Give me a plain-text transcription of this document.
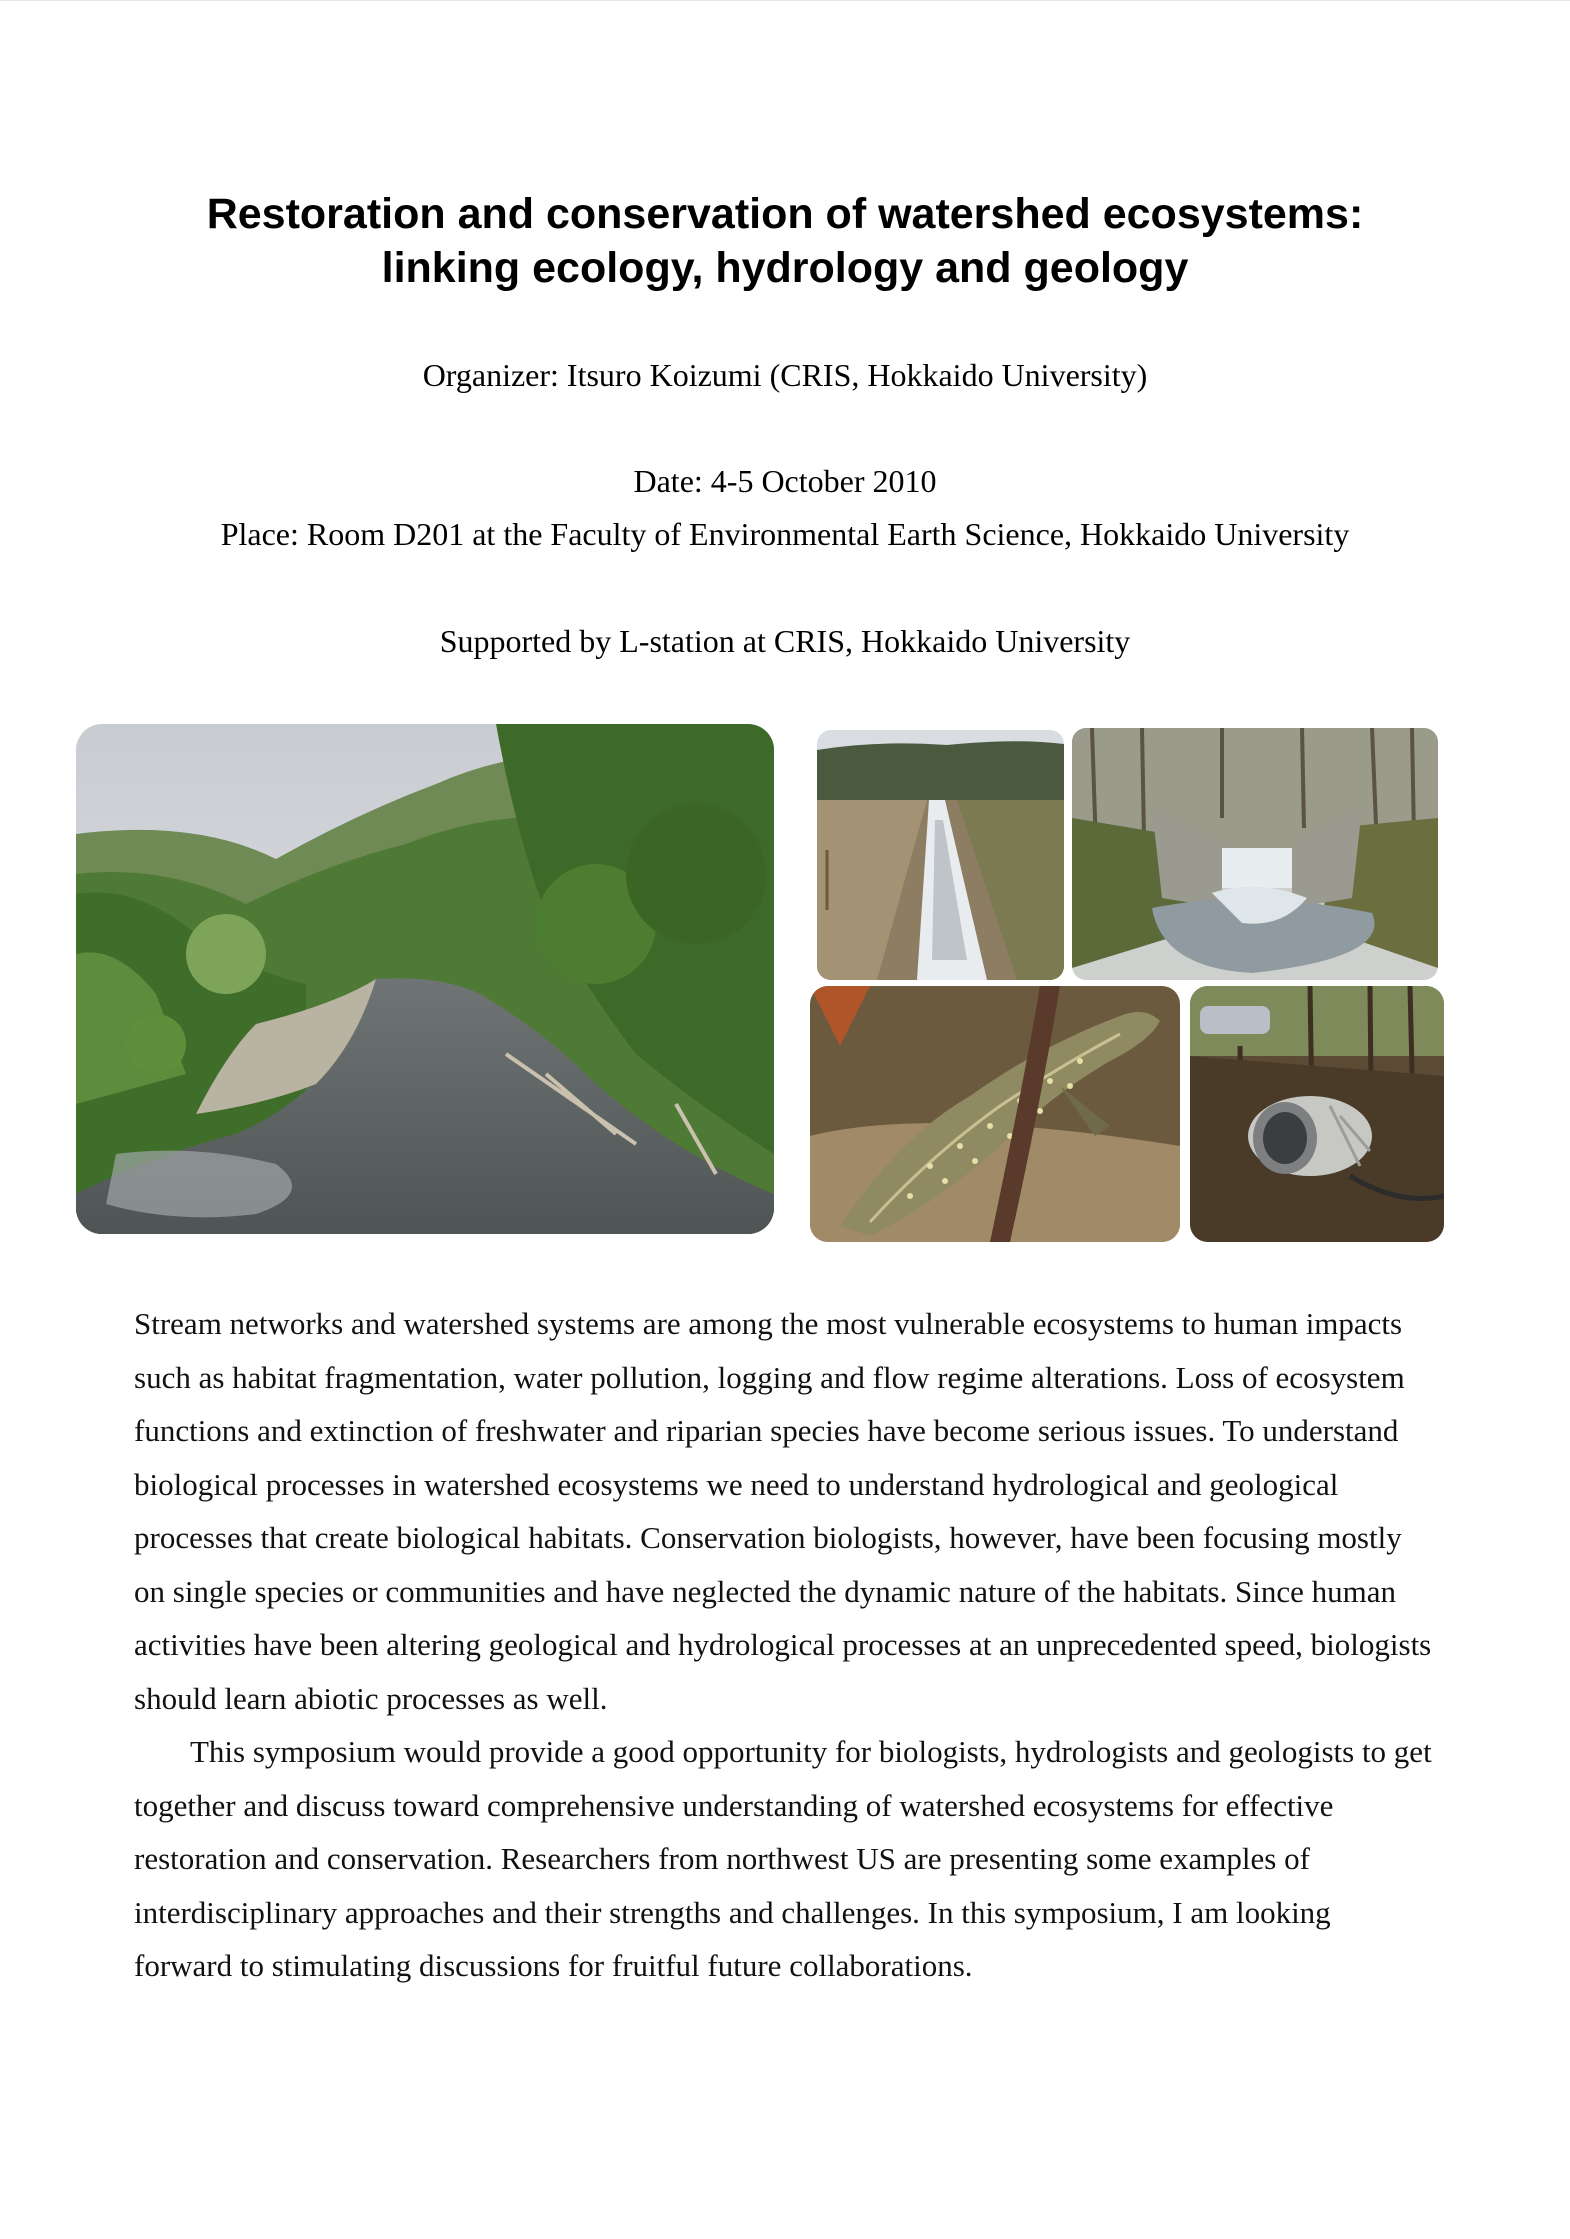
Restoration and conservation of watershed ecosystems:
linking ecology, hydrology and geology
Organizer: Itsuro Koizumi (CRIS, Hokkaido University)
Date: 4-5 October 2010
Place: Room D201 at the Faculty of Environmental Earth Science, Hokkaido University
Supported by L-station at CRIS, Hokkaido University

Stream networks and watershed systems are among the most vulnerable ecosystems to human impacts such as habitat fragmentation, water pollution, logging and flow regime alterations. Loss of ecosystem functions and extinction of freshwater and riparian species have become serious issues. To understand biological processes in watershed ecosystems we need to understand hydrological and geological processes that create biological habitats. Conservation biologists, however, have been focusing mostly on single species or communities and have neglected the dynamic nature of the habitats. Since human activities have been altering geological and hydrological processes at an unprecedented speed, biologists should learn abiotic processes as well.

This symposium would provide a good opportunity for biologists, hydrologists and geologists to get together and discuss toward comprehensive understanding of watershed ecosystems for effective restoration and conservation. Researchers from northwest US are presenting some examples of interdisciplinary approaches and their strengths and challenges. In this symposium, I am looking forward to stimulating discussions for fruitful future collaborations.
